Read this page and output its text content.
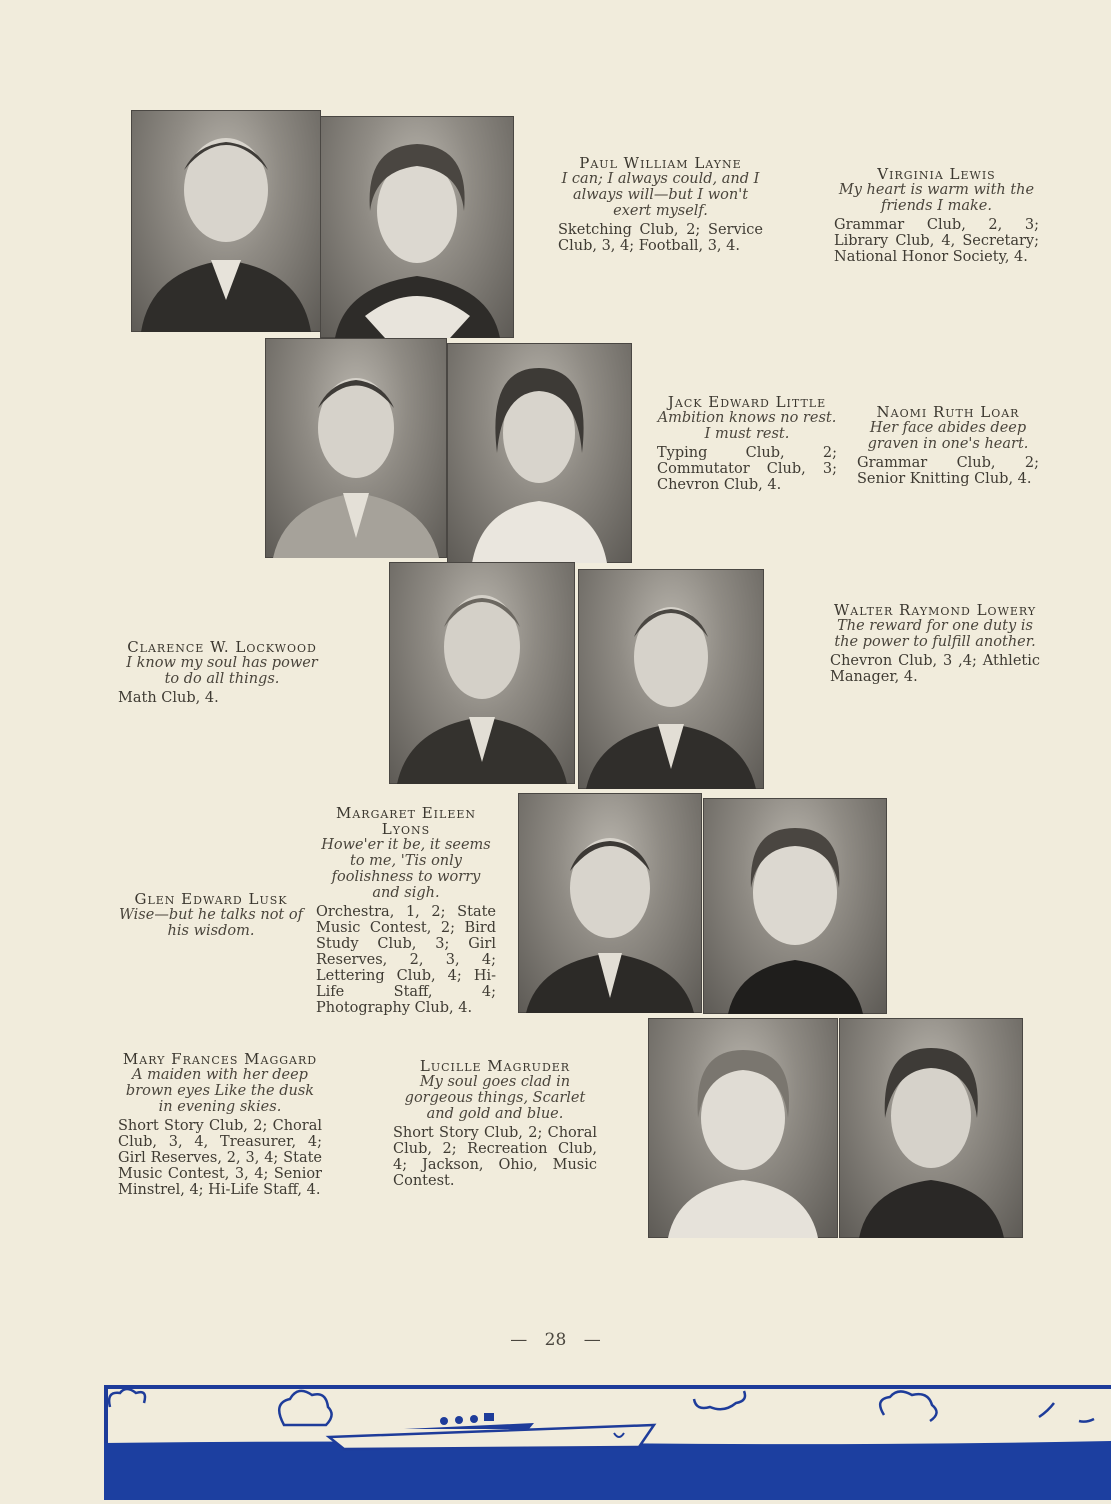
Paul William Layne
I can; I always could, and I always will—but I won't exert myself.
Sketching Club, 2; Service Club, 3, 4; Football, 3, 4.
Virginia Lewis
My heart is warm with the friends I make.
Grammar Club, 2, 3; Library Club, 4, Secretary; National Honor Society, 4.
Jack Edward Little
Ambition knows no rest. I must rest.
Typing Club, 2; Commutator Club, 3; Chevron Club, 4.
Naomi Ruth Loar
Her face abides deep graven in one's heart.
Grammar Club, 2; Senior Knitting Club, 4.
Clarence W. Lockwood
I know my soul has power to do all things.
Math Club, 4.
Walter Raymond Lowery
The reward for one duty is the power to fulfill another.
Chevron Club, 3 ,4; Athletic Manager, 4.
Glen Edward Lusk
Wise—but he talks not of his wisdom.
Margaret Eileen Lyons
Howe'er it be, it seems to me, 'Tis only foolishness to worry and sigh.
Orchestra, 1, 2; State Music Contest, 2; Bird Study Club, 3; Girl Reserves, 2, 3, 4; Lettering Club, 4; Hi-Life Staff, 4; Photography Club, 4.
Mary Frances Maggard
A maiden with her deep brown eyes Like the dusk in evening skies.
Short Story Club, 2; Choral Club, 3, 4, Treasurer, 4; Girl Reserves, 2, 3, 4; State Music Contest, 3, 4; Senior Minstrel, 4; Hi-Life Staff, 4.
Lucille Magruder
My soul goes clad in gorgeous things, Scarlet and gold and blue.
Short Story Club, 2; Choral Club, 2; Recreation Club, 4; Jackson, Ohio, Music Contest.
— 28 —
